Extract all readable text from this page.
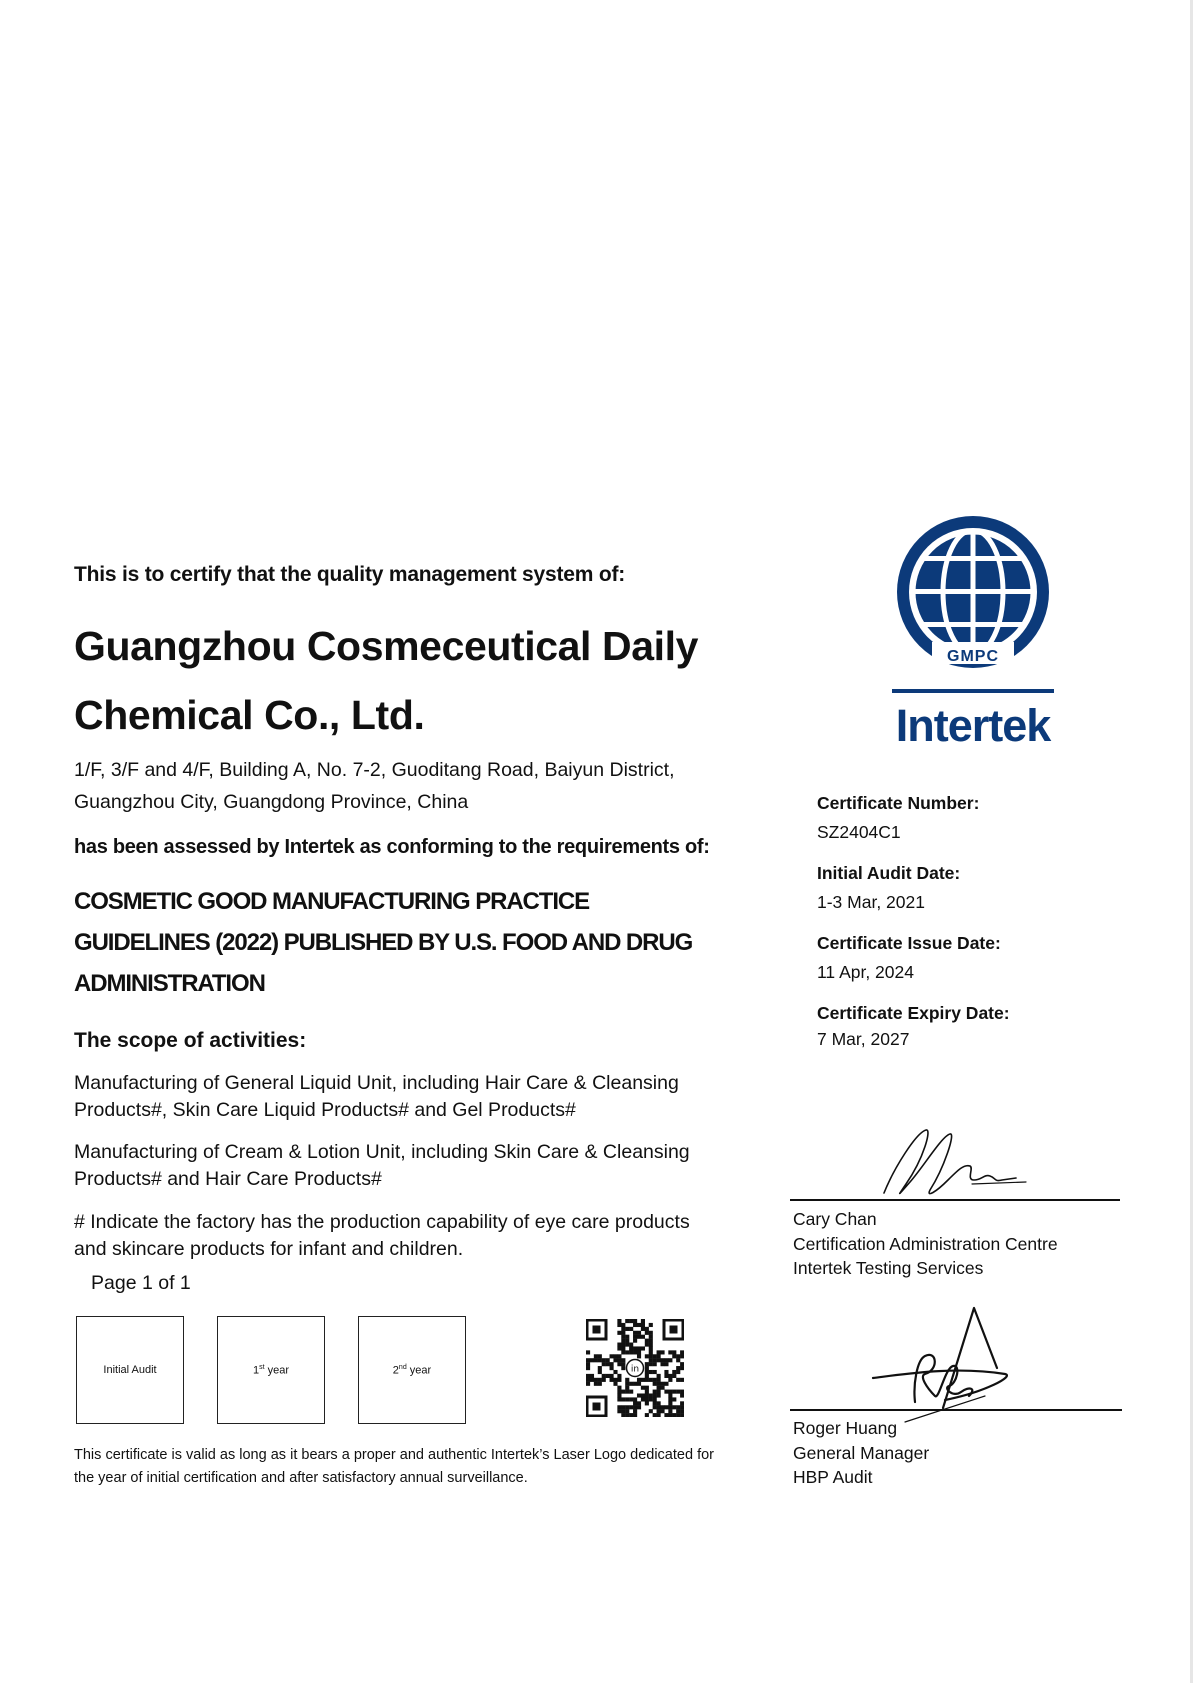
This is to certify that the quality management system of:

Guangzhou Cosmeceutical Daily Chemical Co., Ltd.

1/F, 3/F and 4/F, Building A, No. 7-2, Guoditang Road, Baiyun District, Guangzhou City, Guangdong Province, China

has been assessed by Intertek as conforming to the requirements of:

COSMETIC GOOD MANUFACTURING PRACTICE GUIDELINES (2022) PUBLISHED BY U.S. FOOD AND DRUG ADMINISTRATION
The scope of activities:

Manufacturing of General Liquid Unit, including Hair Care & Cleansing Products#, Skin Care Liquid Products# and Gel Products#

Manufacturing of Cream & Lotion Unit, including Skin Care & Cleansing Products# and Hair Care Products#

# Indicate the factory has the production capability of eye care products and skincare products for infant and children.

Page 1 of 1

Initial Audit	1st year	2nd year	in

This certificate is valid as long as it bears a proper and authentic Intertek’s Laser Logo dedicated for the year of initial certification and after satisfactory annual surveillance.

GMPC
Intertek

Certificate Number:

SZ2404C1

Initial Audit Date:

1-3 Mar, 2021

Certificate Issue Date:

11 Apr, 2024

Certificate Expiry Date:

7 Mar, 2027

Cary Chan
Certification Administration Centre
Intertek Testing Services
Roger Huang
General Manager
HBP Audit
